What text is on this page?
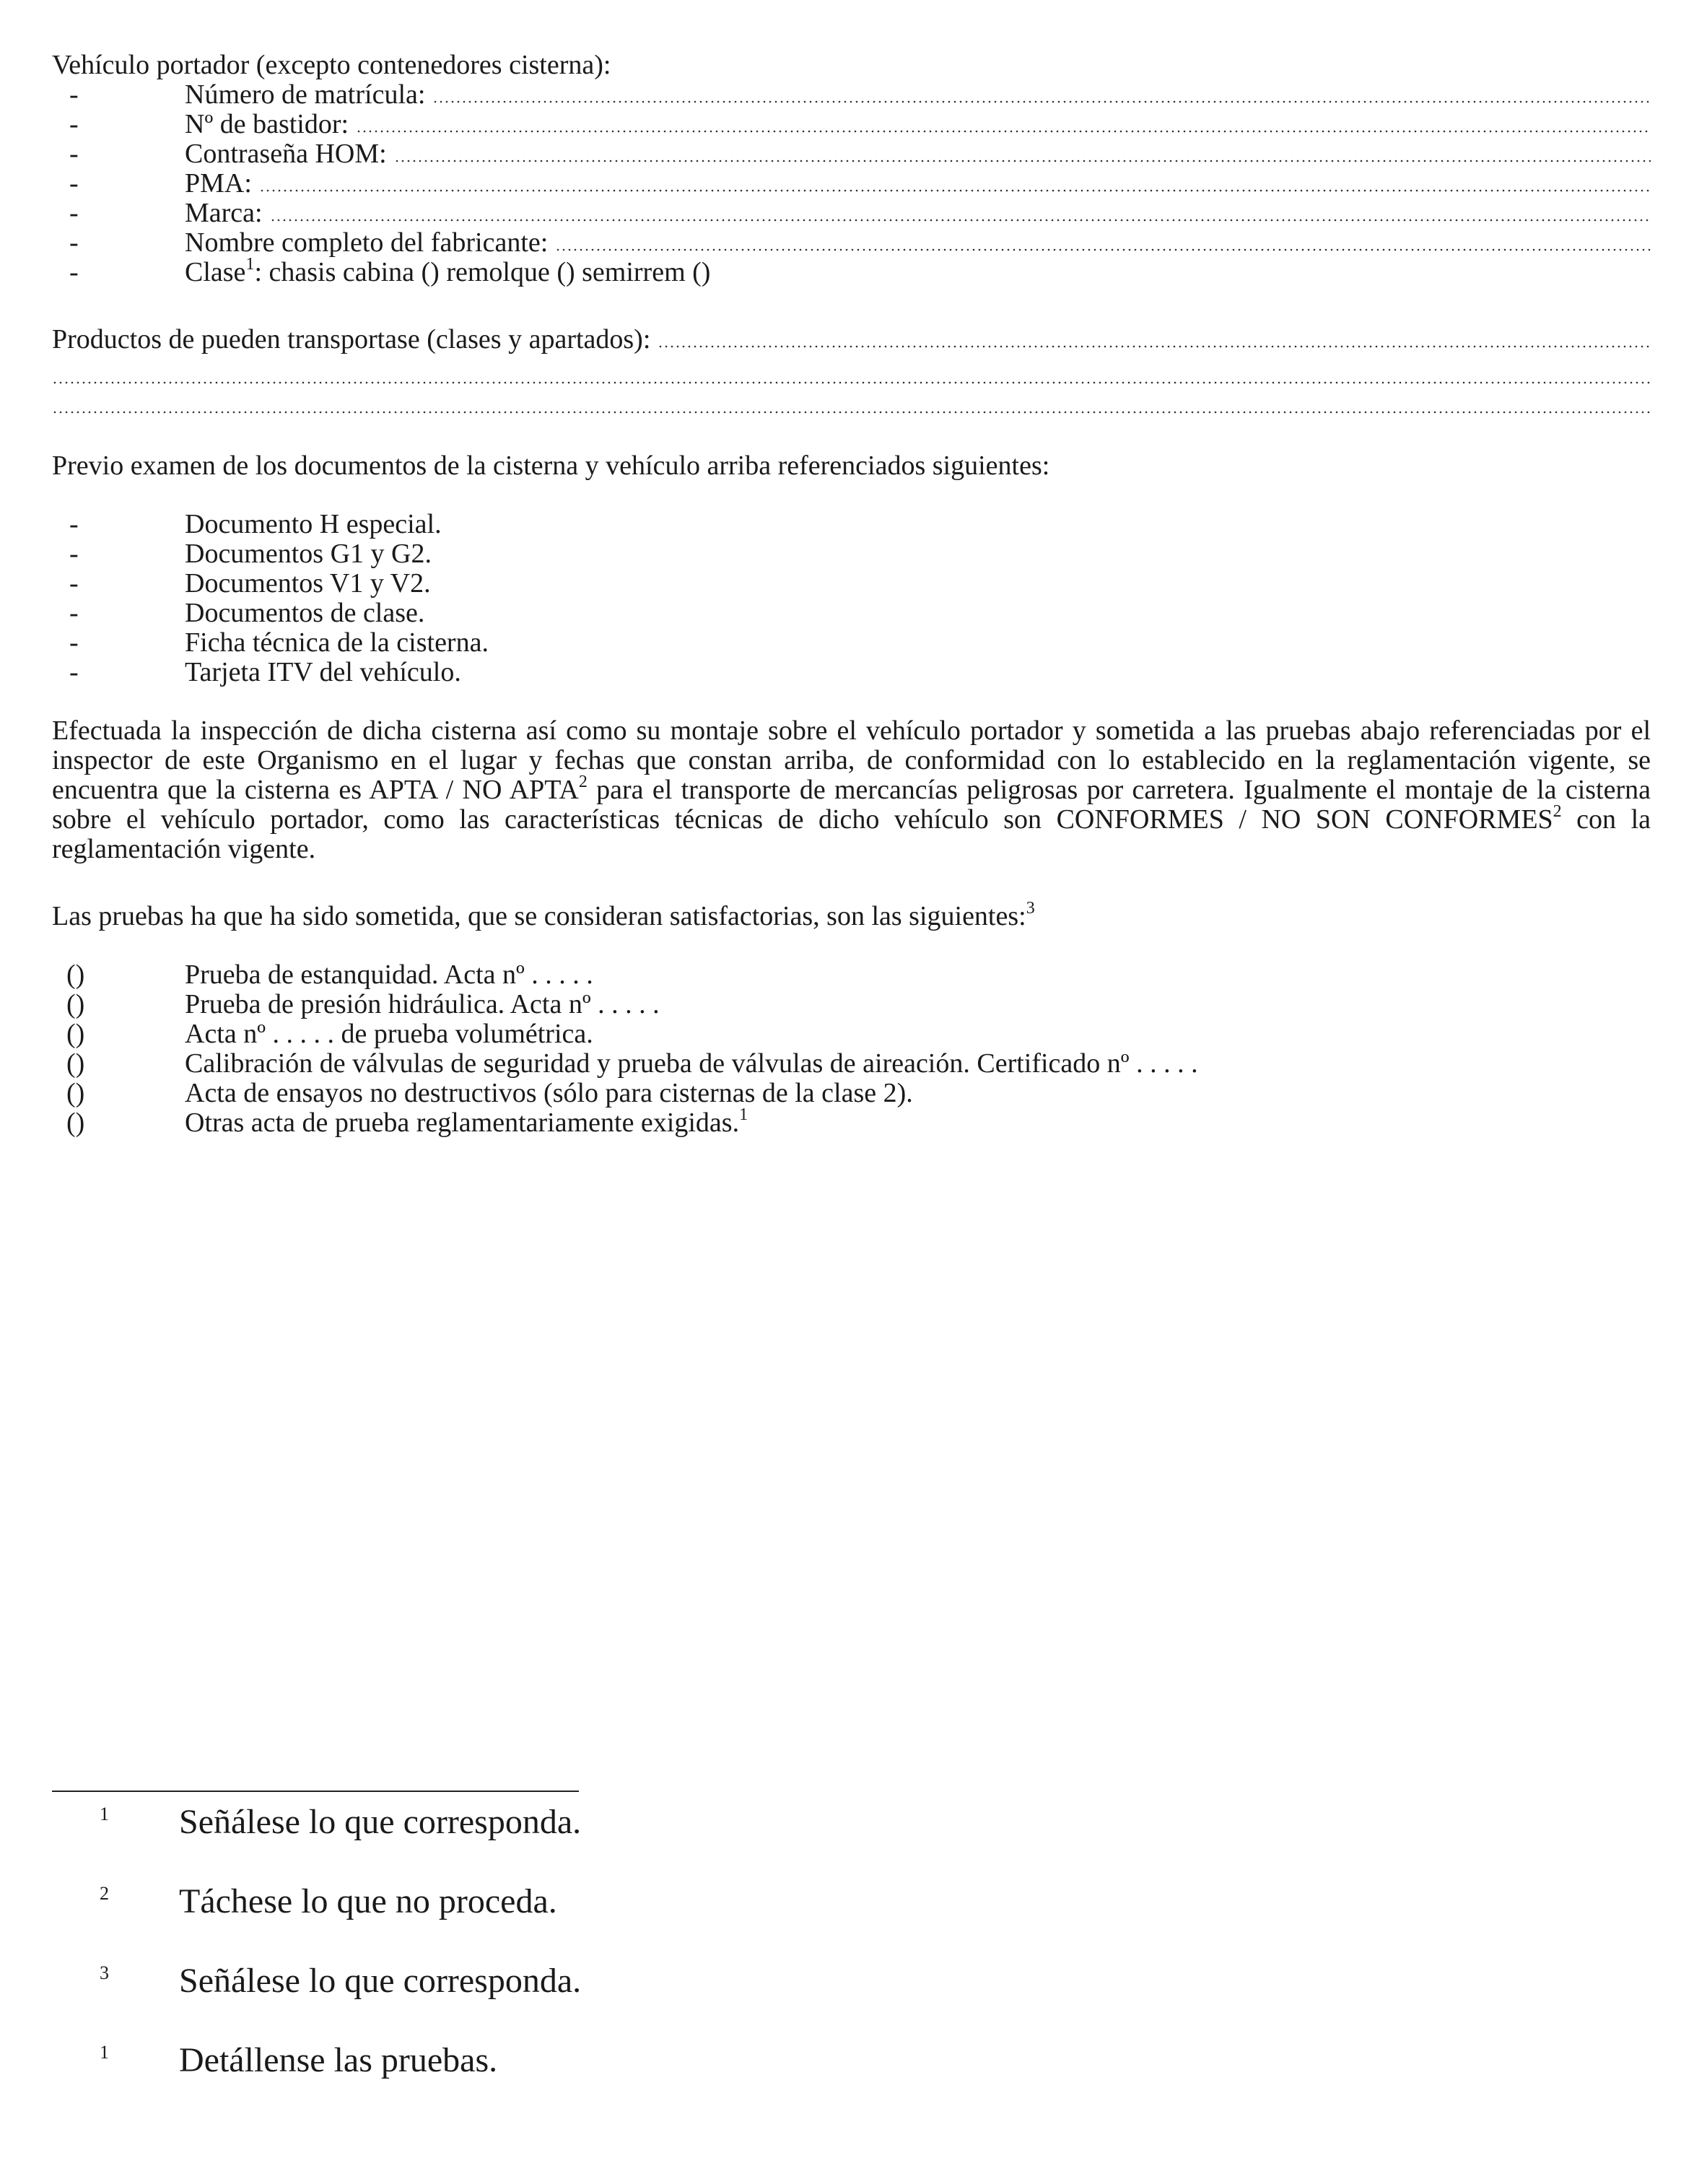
Vehículo portador (excepto contenedores cisterna):
-	Número de matrícula:
-	Nº de bastidor:
-	Contraseña HOM:
-	PMA:
-	Marca:
-	Nombre completo del fabricante:
-	Clase$^1$: chasis cabina () remolque () semirrem ()
Productos de pueden transportase (clases y apartados):
Previo examen de los documentos de la cisterna y vehículo arriba referenciados siguientes:
-	Documento H especial.
-	Documentos G1 y G2.
-	Documentos V1 y V2.
-	Documentos de clase.
-	Ficha técnica de la cisterna.
-	Tarjeta ITV del vehículo.
Efectuada la inspección de dicha cisterna así como su montaje sobre el vehículo portador y sometida a las pruebas abajo referenciadas por el inspector de este Organismo en el lugar y fechas que constan arriba, de conformidad con lo establecido en la reglamentación vigente, se encuentra que la cisterna es APTA / NO APTA$^2$ para el transporte de mercancías peligrosas por carretera. Igualmente el montaje de la cisterna sobre el vehículo portador, como las características técnicas de dicho vehículo son CONFORMES / NO SON CONFORMES$^2$ con la reglamentación vigente.
Las pruebas ha que ha sido sometida, que se consideran satisfactorias, son las siguientes:$^3$
()	Prueba de estanquidad. Acta nº . . . . .
()	Prueba de presión hidráulica. Acta nº . . . . .
()	Acta nº . . . . . de prueba volumétrica.
()	Calibración de válvulas de seguridad y prueba de válvulas de aireación. Certificado nº . . . . .
()	Acta de ensayos no destructivos (sólo para cisternas de la clase 2).
()	Otras acta de prueba reglamentariamente exigidas.$^1$
1	Señálese lo que corresponda.
2	Táchese lo que no proceda.
3	Señálese lo que corresponda.
1	Detállense las pruebas.
